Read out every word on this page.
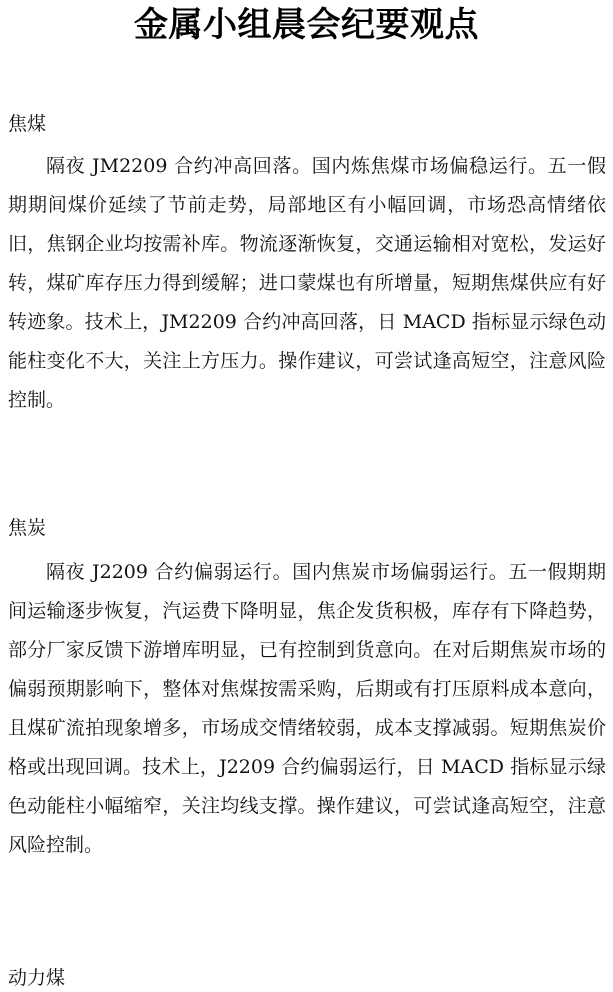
金属小组晨会纪要观点
焦煤
隔夜 JM2209 合约冲高回落。国内炼焦煤市场偏稳运行。五一假期期间煤价延续了节前走势，局部地区有小幅回调，市场恐高情绪依旧，焦钢企业均按需补库。物流逐渐恢复，交通运输相对宽松，发运好转，煤矿库存压力得到缓解；进口蒙煤也有所增量，短期焦煤供应有好转迹象。技术上，JM2209 合约冲高回落，日 MACD 指标显示绿色动能柱变化不大，关注上方压力。操作建议，可尝试逢高短空，注意风险控制。
焦炭
隔夜 J2209 合约偏弱运行。国内焦炭市场偏弱运行。五一假期期间运输逐步恢复，汽运费下降明显，焦企发货积极，库存有下降趋势，部分厂家反馈下游增库明显，已有控制到货意向。在对后期焦炭市场的偏弱预期影响下，整体对焦煤按需采购，后期或有打压原料成本意向，且煤矿流拍现象增多，市场成交情绪较弱，成本支撑减弱。短期焦炭价格或出现回调。技术上，J2209 合约偏弱运行，日 MACD 指标显示绿色动能柱小幅缩窄，关注均线支撑。操作建议，可尝试逢高短空，注意风险控制。
动力煤
